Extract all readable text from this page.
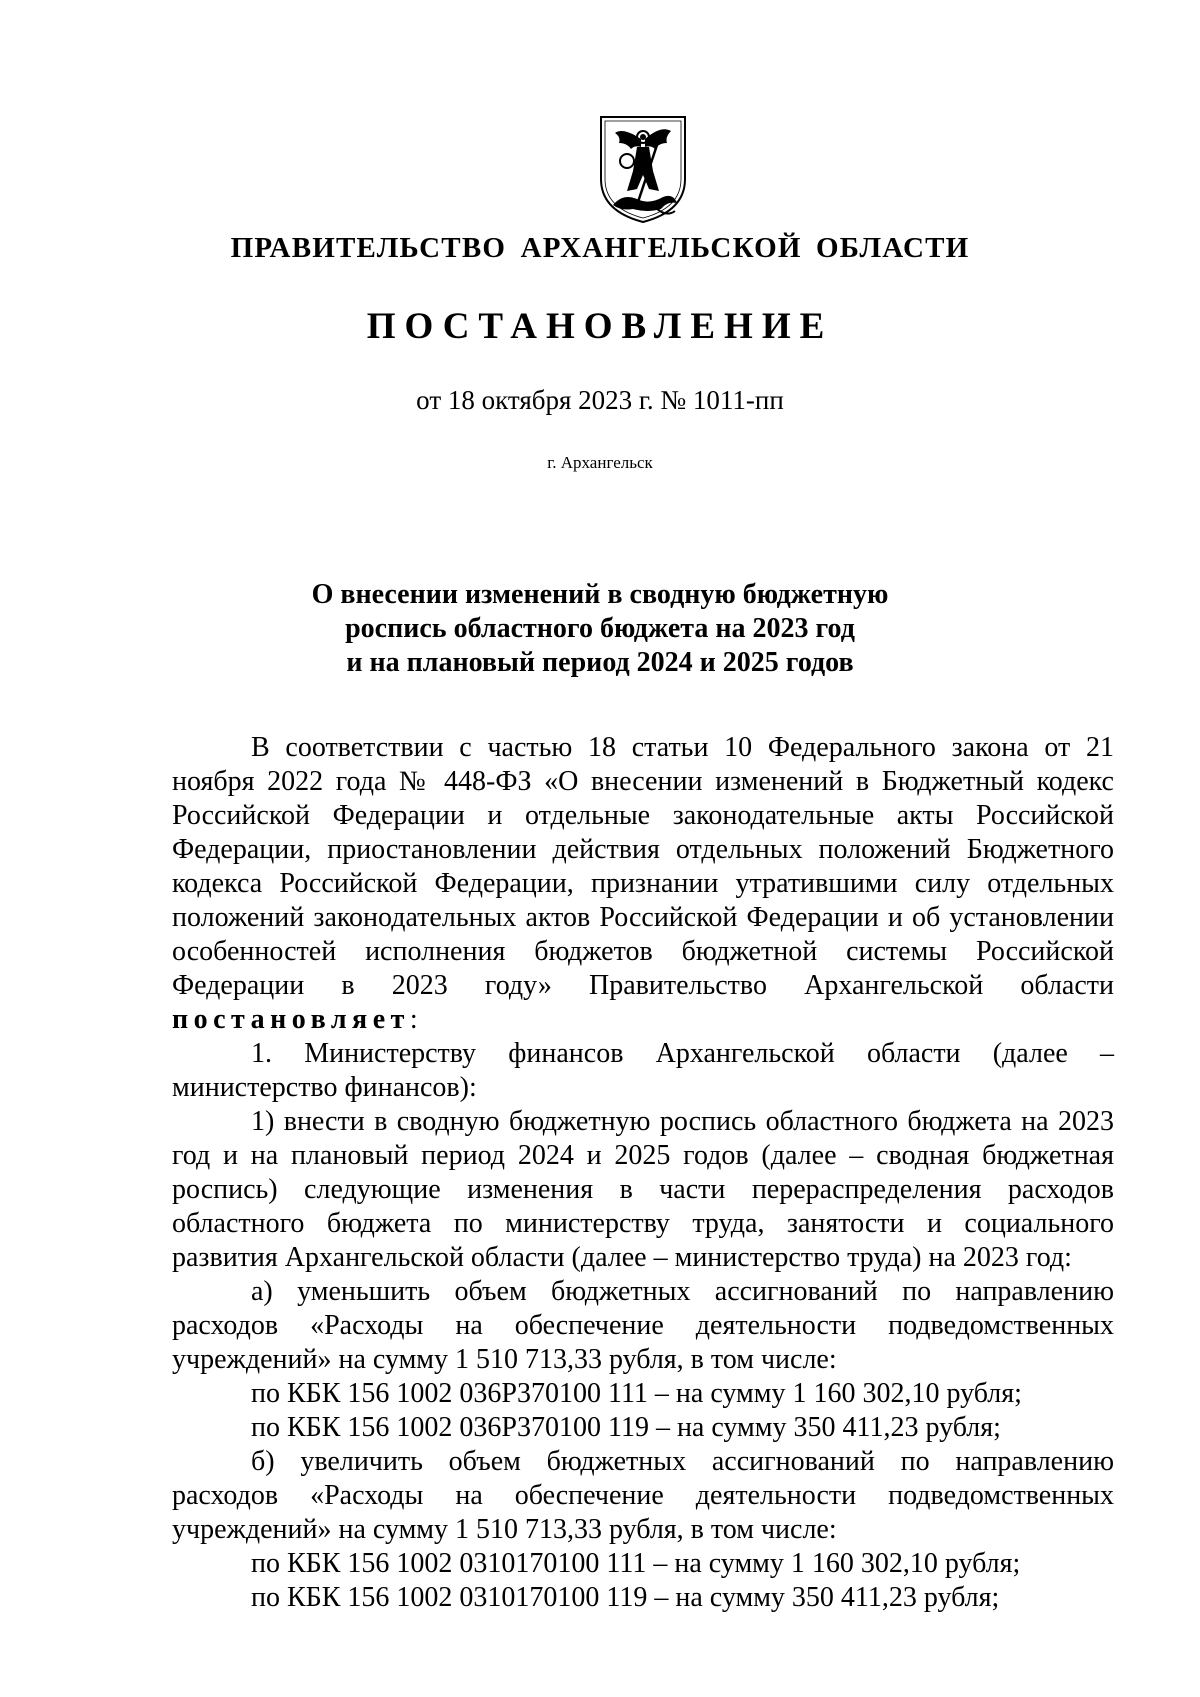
ПРАВИТЕЛЬСТВО АРХАНГЕЛЬСКОЙ ОБЛАСТИ
ПОСТАНОВЛЕНИЕ
от 18 октября 2023 г. № 1011-пп
г. Архангельск
О внесении изменений в сводную бюджетную
роспись областного бюджета на 2023 год
и на плановый период 2024 и 2025 годов

В соответствии с частью 18 статьи 10 Федерального закона от 21 ноября 2022 года № 448-ФЗ «О внесении изменений в Бюджетный кодекс Российской Федерации и отдельные законодательные акты Российской Федерации, приостановлении действия отдельных положений Бюджетного кодекса Российской Федерации, признании утратившими силу отдельных положений законодательных актов Российской Федерации и об установлении особенностей исполнения бюджетов бюджетной системы Российской Федерации в 2023 году» Правительство Архангельской области постановляет:

1. Министерству финансов Архангельской области (далее – министерство финансов):

1) внести в сводную бюджетную роспись областного бюджета на 2023 год и на плановый период 2024 и 2025 годов (далее – сводная бюджетная роспись) следующие изменения в части перераспределения расходов областного бюджета по министерству труда, занятости и социального развития Архангельской области (далее – министерство труда) на 2023 год:

а) уменьшить объем бюджетных ассигнований по направлению расходов «Расходы на обеспечение деятельности подведомственных учреждений» на сумму 1 510 713,33 рубля, в том числе:

по КБК 156 1002 036Р370100 111 – на сумму 1 160 302,10 рубля;

по КБК 156 1002 036Р370100 119 – на сумму 350 411,23 рубля;

б) увеличить объем бюджетных ассигнований по направлению расходов «Расходы на обеспечение деятельности подведомственных учреждений» на сумму 1 510 713,33 рубля, в том числе:

по КБК 156 1002 0310170100 111 – на сумму 1 160 302,10 рубля;

по КБК 156 1002 0310170100 119 – на сумму 350 411,23 рубля;
